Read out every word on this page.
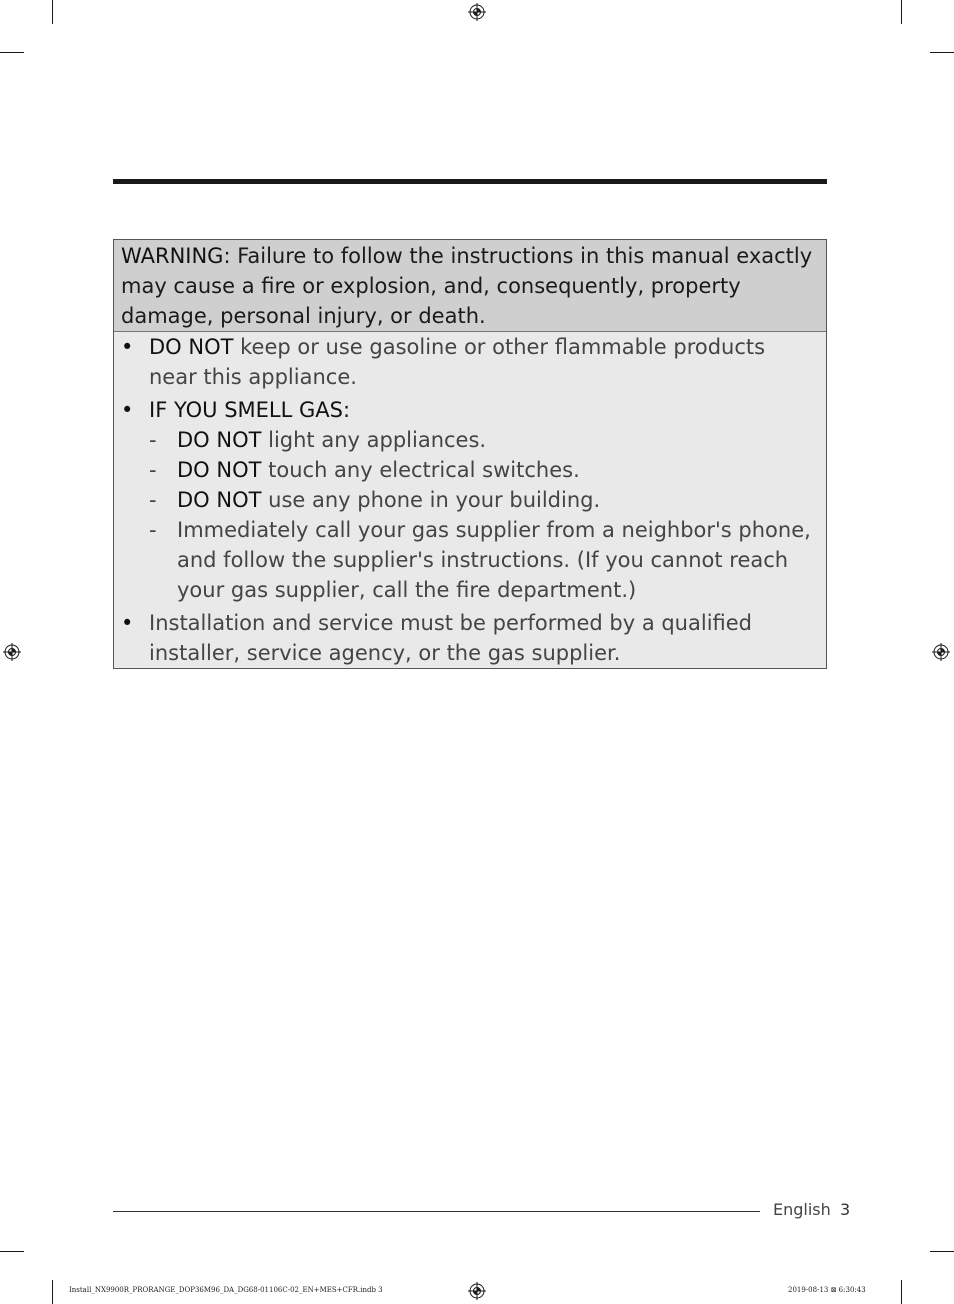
WARNING: Failure to follow the instructions in this manual exactly may cause a fire or explosion, and, consequently, property damage, personal injury, or death.
• DO NOT keep or use gasoline or other flammable products near this appliance.
• IF YOU SMELL GAS:
- DO NOT light any appliances.
- DO NOT touch any electrical switches.
- DO NOT use any phone in your building.
- Immediately call your gas supplier from a neighbor's phone, and follow the supplier's instructions. (If you cannot reach your gas supplier, call the fire department.)
• Installation and service must be performed by a qualified installer, service agency, or the gas supplier.
English 3
Install_NX9900R_PRORANGE_DOP36M96_DA_DG68-01106C-02_EN+MES+CFR.indb 3	2019-08-13 ⊠ 6:30:43
